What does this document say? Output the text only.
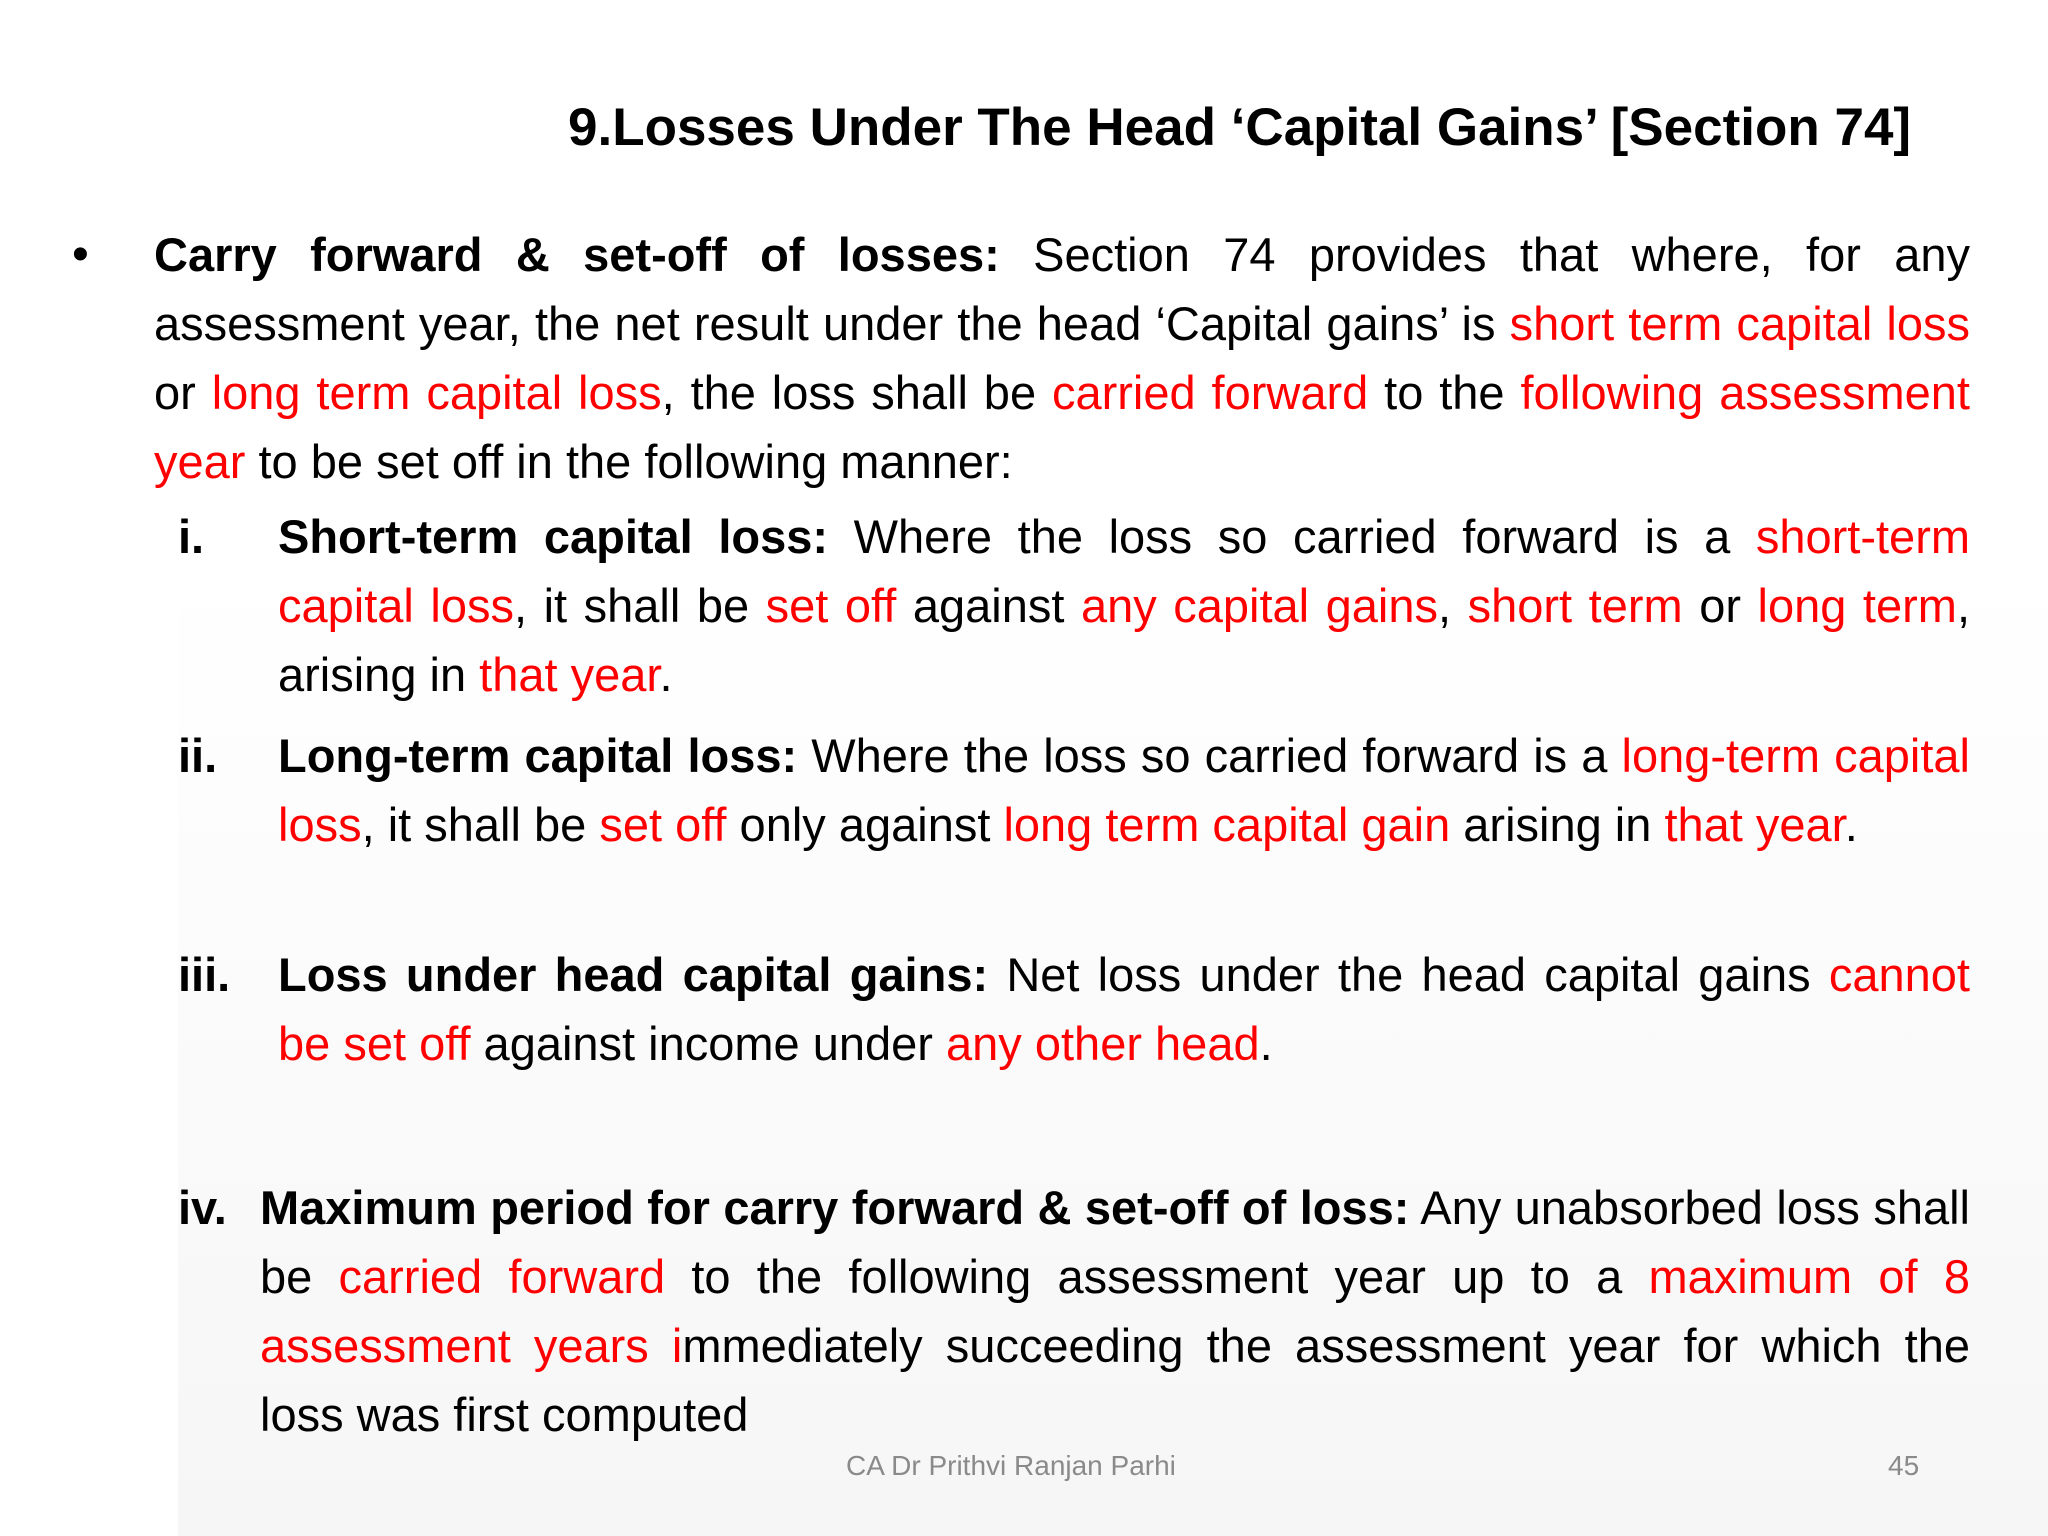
9.Losses Under The Head ‘Capital Gains’ [Section 74]
• Carry forward & set-off of losses: Section 74 provides that where, for any assessment year, the net result under the head ‘Capital gains’ is short term capital loss or long term capital loss, the loss shall be carried forward to the following assessment year to be set off in the following manner:
i. Short-term capital loss: Where the loss so carried forward is a short-term capital loss, it shall be set off against any capital gains, short term or long term, arising in that year.
ii. Long-term capital loss: Where the loss so carried forward is a long-term capital loss, it shall be set off only against long term capital gain arising in that year.
iii. Loss under head capital gains: Net loss under the head capital gains cannot be set off against income under any other head.
iv. Maximum period for carry forward & set-off of loss: Any unabsorbed loss shall be carried forward to the following assessment year up to a maximum of 8 assessment years immediately succeeding the assessment year for which the loss was first computed
CA Dr Prithvi Ranjan Parhi	45
